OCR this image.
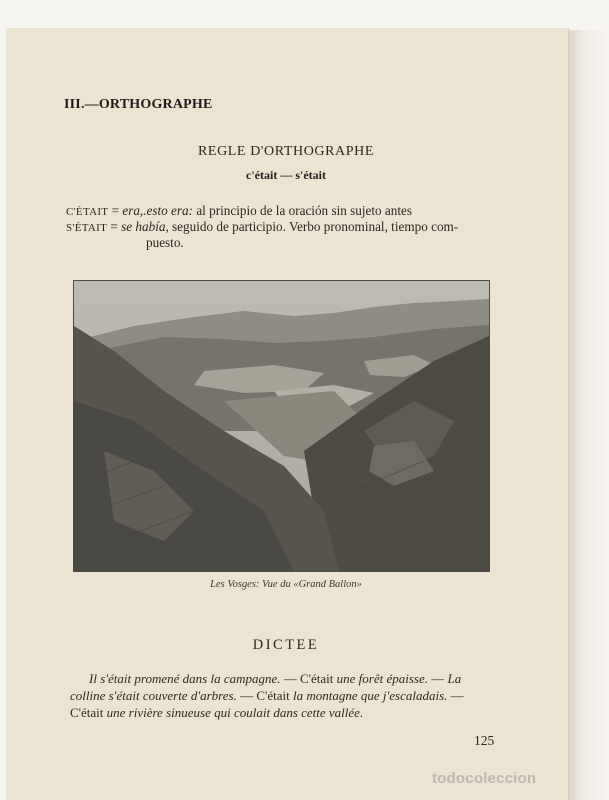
III.—ORTHOGRAPHE
REGLE D'ORTHOGRAPHE
c'était — s'était
C'ÉTAIT = era,.esto era: al principio de la oración sin sujeto antes
S'ÉTAIT = se había, seguido de participio. Verbo pronominal, tiempo com-
puesto.
Les Vosges: Vue du «Grand Ballon»
DICTEE
Il s'était promené dans la campagne. — C'était une forêt épaisse. — La
colline s'était couverte d'arbres. — C'était la montagne que j'escaladais. —
C'était une rivière sinueuse qui coulait dans cette vallée.
125
todocoleccion
